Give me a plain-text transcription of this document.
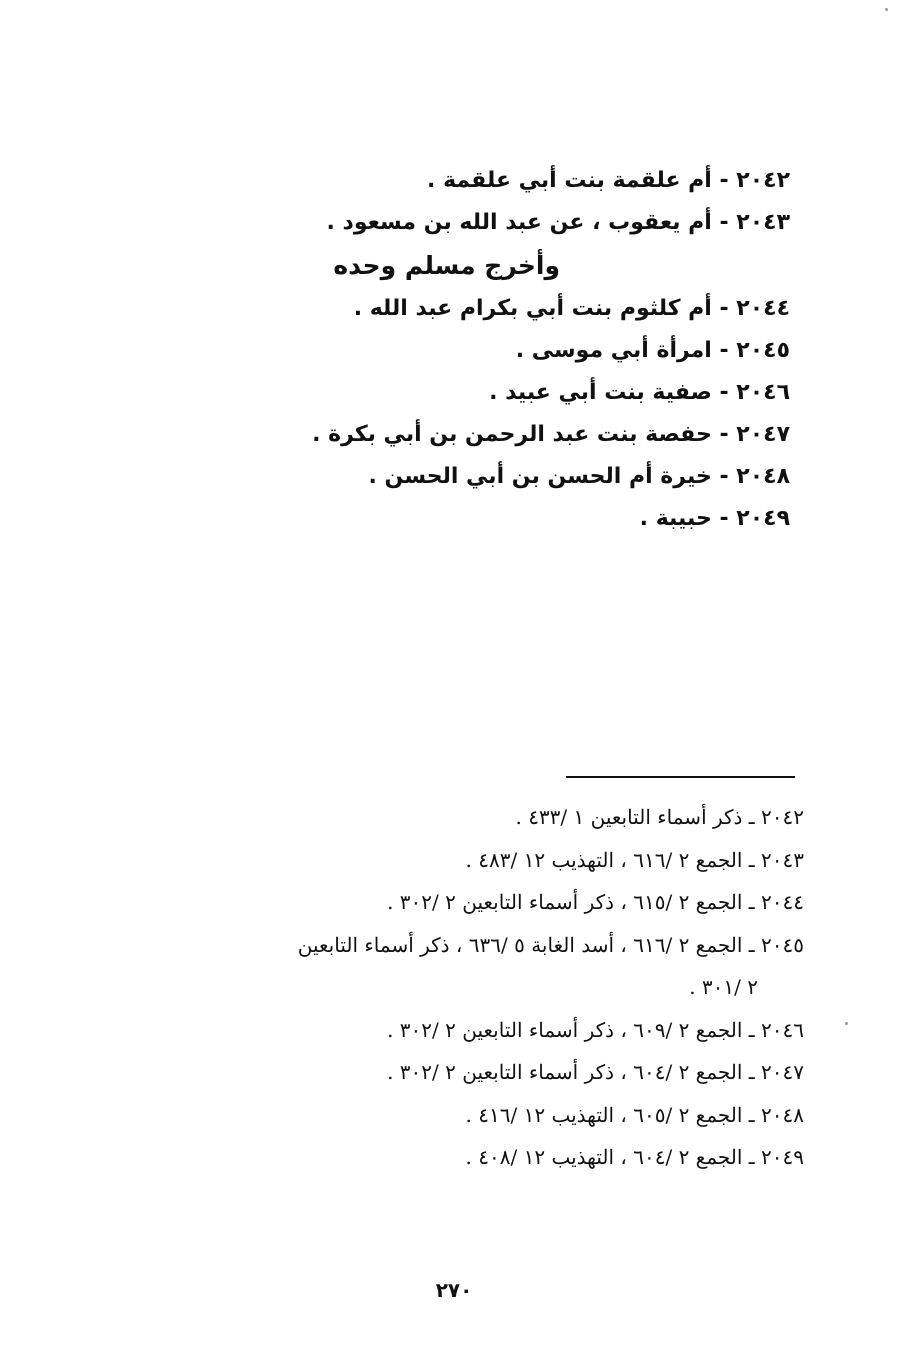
٢٠٤٢ - أم علقمة بنت أبي علقمة .
٢٠٤٣ - أم يعقوب ، عن عبد الله بن مسعود .
وأخرج مسلم وحده
٢٠٤٤ - أم كلثوم بنت أبي بكرام عبد الله .
٢٠٤٥ - امرأة أبي موسى .
٢٠٤٦ - صفية بنت أبي عبيد .
٢٠٤٧ - حفصة بنت عبد الرحمن بن أبي بكرة .
٢٠٤٨ - خيرة أم الحسن بن أبي الحسن .
٢٠٤٩ - حبيبة .
٢٠٤٢ ـ ذكر أسماء التابعين ١ /٤٣٣ .
٢٠٤٣ ـ الجمع ٢ /٦١٦ ، التهذيب ١٢ /٤٨٣ .
٢٠٤٤ ـ الجمع ٢ /٦١٥ ، ذكر أسماء التابعين ٢ /٣٠٢ .
٢٠٤٥ ـ الجمع ٢ /٦١٦ ، أسد الغابة ٥ /٦٣٦ ، ذكر أسماء التابعين
٢ /٣٠١ .
٢٠٤٦ ـ الجمع ٢ /٦٠٩ ، ذكر أسماء التابعين ٢ /٣٠٢ .
٢٠٤٧ ـ الجمع ٢ /٦٠٤ ، ذكر أسماء التابعين ٢ /٣٠٢ .
٢٠٤٨ ـ الجمع ٢ /٦٠٥ ، التهذيب ١٢ /٤١٦ .
٢٠٤٩ ـ الجمع ٢ /٦٠٤ ، التهذيب ١٢ /٤٠٨ .
٢٧٠
